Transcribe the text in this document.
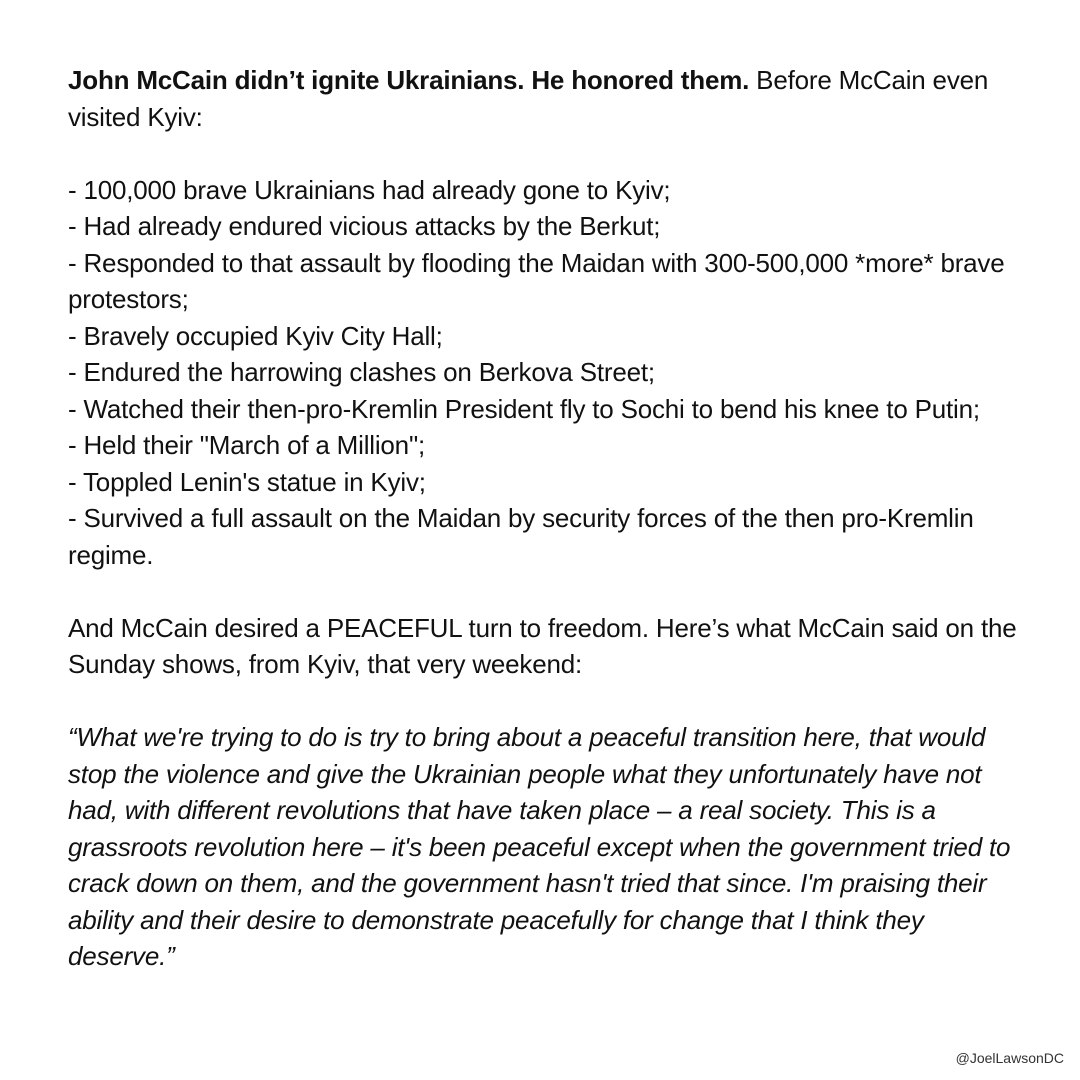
John McCain didn’t ignite Ukrainians. He honored them. Before McCain even visited Kyiv:

- 100,000 brave Ukrainians had already gone to Kyiv;
- Had already endured vicious attacks by the Berkut;
- Responded to that assault by flooding the Maidan with 300-500,000 *more* brave protestors;
- Bravely occupied Kyiv City Hall;
- Endured the harrowing clashes on Berkova Street;
- Watched their then-pro-Kremlin President fly to Sochi to bend his knee to Putin;
- Held their "March of a Million";
- Toppled Lenin's statue in Kyiv;
- Survived a full assault on the Maidan by security forces of the then pro-Kremlin regime.

And McCain desired a PEACEFUL turn to freedom. Here’s what McCain said on the Sunday shows, from Kyiv, that very weekend:

“What we're trying to do is try to bring about a peaceful transition here, that would stop the violence and give the Ukrainian people what they unfortunately have not had, with different revolutions that have taken place – a real society. This is a grassroots revolution here – it's been peaceful except when the government tried to crack down on them, and the government hasn't tried that since. I'm praising their ability and their desire to demonstrate peacefully for change that I think they deserve.”

@JoelLawsonDC
